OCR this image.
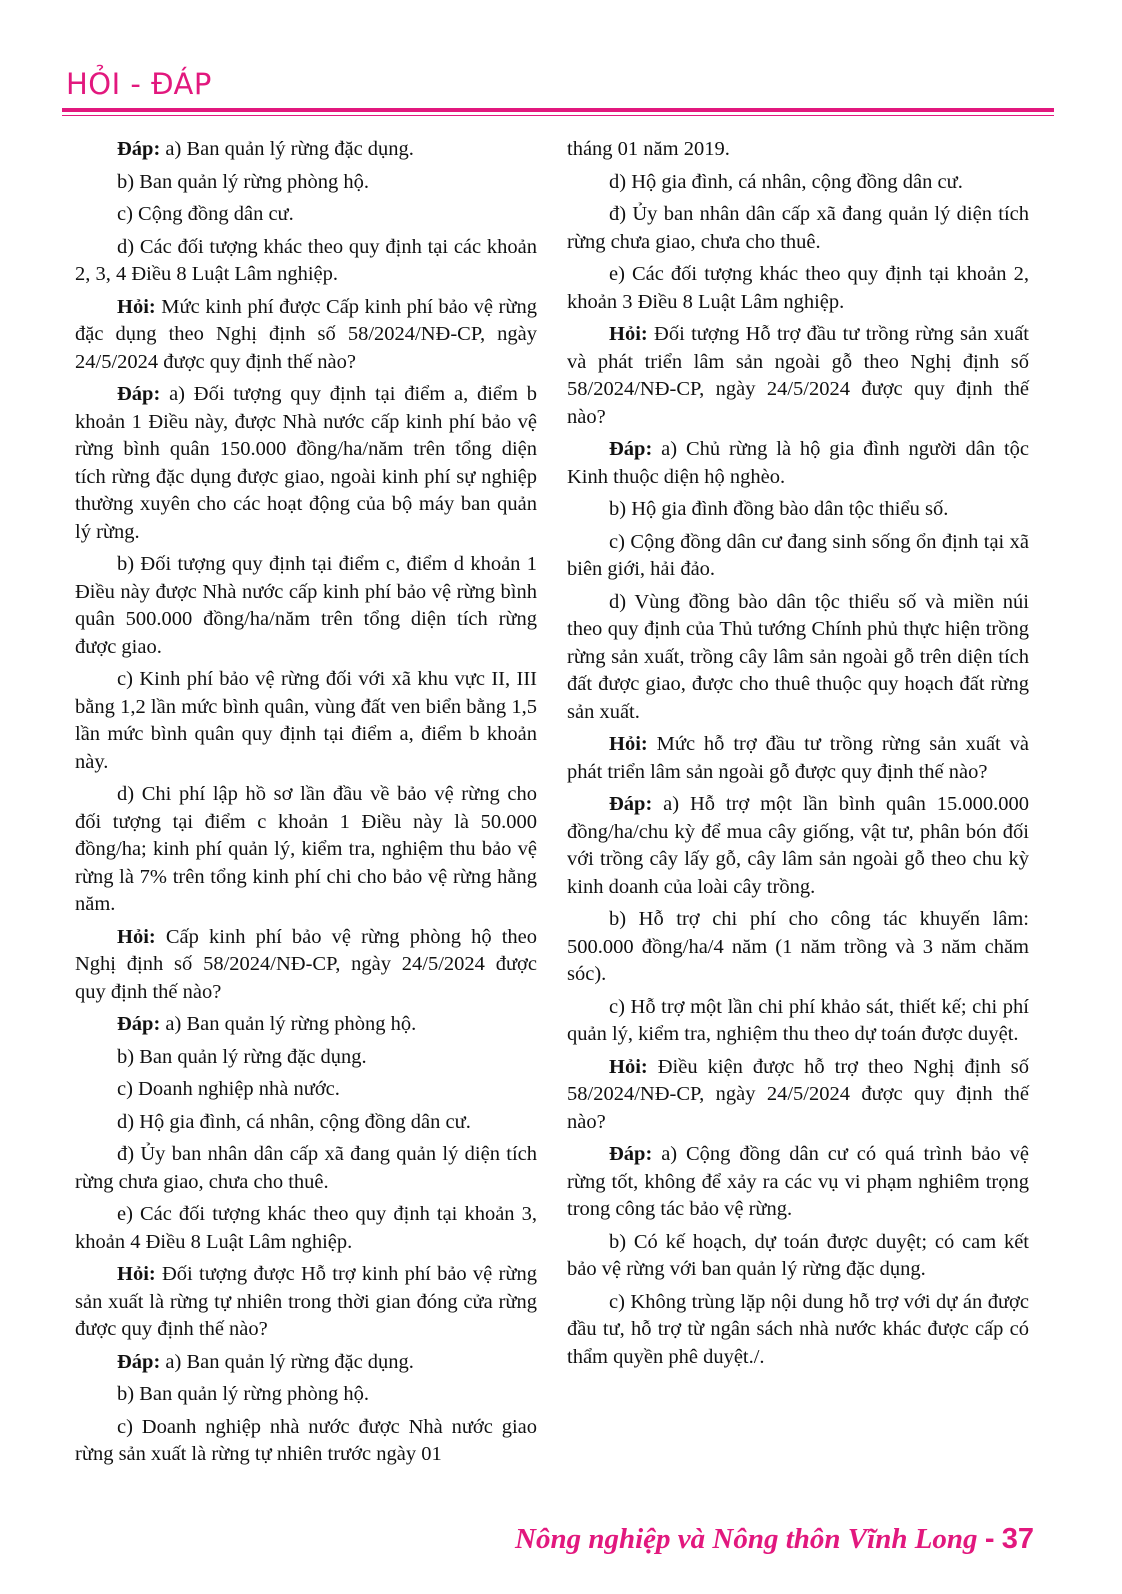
HỎI - ĐÁP

Đáp: a) Ban quản lý rừng đặc dụng.

b) Ban quản lý rừng phòng hộ.

c) Cộng đồng dân cư.

d) Các đối tượng khác theo quy định tại các khoản 2, 3, 4 Điều 8 Luật Lâm nghiệp.

Hỏi: Mức kinh phí được Cấp kinh phí bảo vệ rừng đặc dụng theo Nghị định số 58/2024/NĐ-CP, ngày 24/5/2024 được quy định thế nào?

Đáp: a) Đối tượng quy định tại điểm a, điểm b khoản 1 Điều này, được Nhà nước cấp kinh phí bảo vệ rừng bình quân 150.000 đồng/ha/năm trên tổng diện tích rừng đặc dụng được giao, ngoài kinh phí sự nghiệp thường xuyên cho các hoạt động của bộ máy ban quản lý rừng.

b) Đối tượng quy định tại điểm c, điểm d khoản 1 Điều này được Nhà nước cấp kinh phí bảo vệ rừng bình quân 500.000 đồng/ha/năm trên tổng diện tích rừng được giao.

c) Kinh phí bảo vệ rừng đối với xã khu vực II, III bằng 1,2 lần mức bình quân, vùng đất ven biển bằng 1,5 lần mức bình quân quy định tại điểm a, điểm b khoản này.

d) Chi phí lập hồ sơ lần đầu về bảo vệ rừng cho đối tượng tại điểm c khoản 1 Điều này là 50.000 đồng/ha; kinh phí quản lý, kiểm tra, nghiệm thu bảo vệ rừng là 7% trên tổng kinh phí chi cho bảo vệ rừng hằng năm.

Hỏi: Cấp kinh phí bảo vệ rừng phòng hộ theo Nghị định số 58/2024/NĐ-CP, ngày 24/5/2024 được quy định thế nào?

Đáp: a) Ban quản lý rừng phòng hộ.

b) Ban quản lý rừng đặc dụng.

c) Doanh nghiệp nhà nước.

d) Hộ gia đình, cá nhân, cộng đồng dân cư.

đ) Ủy ban nhân dân cấp xã đang quản lý diện tích rừng chưa giao, chưa cho thuê.

e) Các đối tượng khác theo quy định tại khoản 3, khoản 4 Điều 8 Luật Lâm nghiệp.

Hỏi: Đối tượng được Hỗ trợ kinh phí bảo vệ rừng sản xuất là rừng tự nhiên trong thời gian đóng cửa rừng được quy định thế nào?

Đáp: a) Ban quản lý rừng đặc dụng.

b) Ban quản lý rừng phòng hộ.

c) Doanh nghiệp nhà nước được Nhà nước giao rừng sản xuất là rừng tự nhiên trước ngày 01

tháng 01 năm 2019.

d) Hộ gia đình, cá nhân, cộng đồng dân cư.

đ) Ủy ban nhân dân cấp xã đang quản lý diện tích rừng chưa giao, chưa cho thuê.

e) Các đối tượng khác theo quy định tại khoản 2, khoản 3 Điều 8 Luật Lâm nghiệp.

Hỏi: Đối tượng Hỗ trợ đầu tư trồng rừng sản xuất và phát triển lâm sản ngoài gỗ theo Nghị định số 58/2024/NĐ-CP, ngày 24/5/2024 được quy định thế nào?

Đáp: a) Chủ rừng là hộ gia đình người dân tộc Kinh thuộc diện hộ nghèo.

b) Hộ gia đình đồng bào dân tộc thiểu số.

c) Cộng đồng dân cư đang sinh sống ổn định tại xã biên giới, hải đảo.

d) Vùng đồng bào dân tộc thiểu số và miền núi theo quy định của Thủ tướng Chính phủ thực hiện trồng rừng sản xuất, trồng cây lâm sản ngoài gỗ trên diện tích đất được giao, được cho thuê thuộc quy hoạch đất rừng sản xuất.

Hỏi: Mức hỗ trợ đầu tư trồng rừng sản xuất và phát triển lâm sản ngoài gỗ được quy định thế nào?

Đáp: a) Hỗ trợ một lần bình quân 15.000.000 đồng/ha/chu kỳ để mua cây giống, vật tư, phân bón đối với trồng cây lấy gỗ, cây lâm sản ngoài gỗ theo chu kỳ kinh doanh của loài cây trồng.

b) Hỗ trợ chi phí cho công tác khuyến lâm: 500.000 đồng/ha/4 năm (1 năm trồng và 3 năm chăm sóc).

c) Hỗ trợ một lần chi phí khảo sát, thiết kế; chi phí quản lý, kiểm tra, nghiệm thu theo dự toán được duyệt.

Hỏi: Điều kiện được hỗ trợ theo Nghị định số 58/2024/NĐ-CP, ngày 24/5/2024 được quy định thế nào?

Đáp: a) Cộng đồng dân cư có quá trình bảo vệ rừng tốt, không để xảy ra các vụ vi phạm nghiêm trọng trong công tác bảo vệ rừng.

b) Có kế hoạch, dự toán được duyệt; có cam kết bảo vệ rừng với ban quản lý rừng đặc dụng.

c) Không trùng lặp nội dung hỗ trợ với dự án được đầu tư, hỗ trợ từ ngân sách nhà nước khác được cấp có thẩm quyền phê duyệt./.

Nông nghiệp và Nông thôn Vĩnh Long - 37
